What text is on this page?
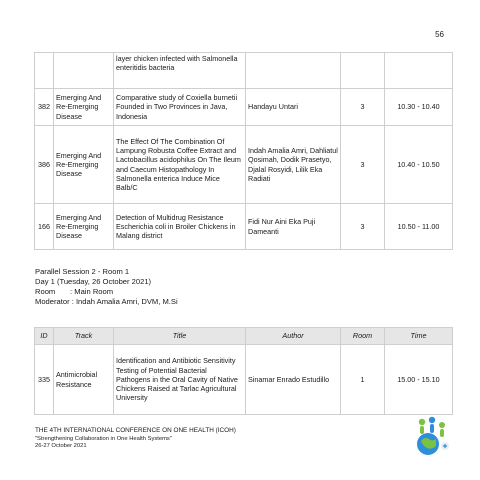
56
		layer chicken infected with Salmonella enteritidis bacteria			
382	Emerging And Re-Emerging Disease	Comparative study of Coxiella burnetii Founded in Two Provinces in Java, Indonesia	Handayu Untari	3	10.30 - 10.40
386	Emerging And Re-Emerging Disease	The Effect Of The Combination Of Lampung Robusta Coffee Extract and Lactobacillus acidophilus On The Ileum and Caecum Histopathology In Salmonella enterica Induce Mice Balb/C	Indah Amalia Amri, Dahliatul Qosimah, Dodik Prasetyo, Djalal Rosyidi, Lilik Eka Radiati	3	10.40 - 10.50
166	Emerging And Re-Emerging Disease	Detection of Multidrug Resistance Escherichia coli in Broiler Chickens in Malang district	Fidi Nur Aini Eka Puji Dameanti	3	10.50 - 11.00
Parallel Session 2 - Room 1
Day 1 (Tuesday, 26 October 2021)
Room       : Main Room
Moderator : Indah Amalia Amri, DVM, M.Si
ID	Track	Title	Author	Room	Time
335	Antimicrobial Resistance	Identification and Antibiotic Sensitivity Testing of Potential Bacterial Pathogens in the Oral Cavity of Native Chickens Raised at Tarlac Agricultural University	Sinamar Enrado Estudillo	1	15.00 - 15.10
THE 4TH INTERNATIONAL CONFERENCE ON ONE HEALTH (ICOH)
"Strengthening Collaboration in One Health Systems"
26-27 October 2021
